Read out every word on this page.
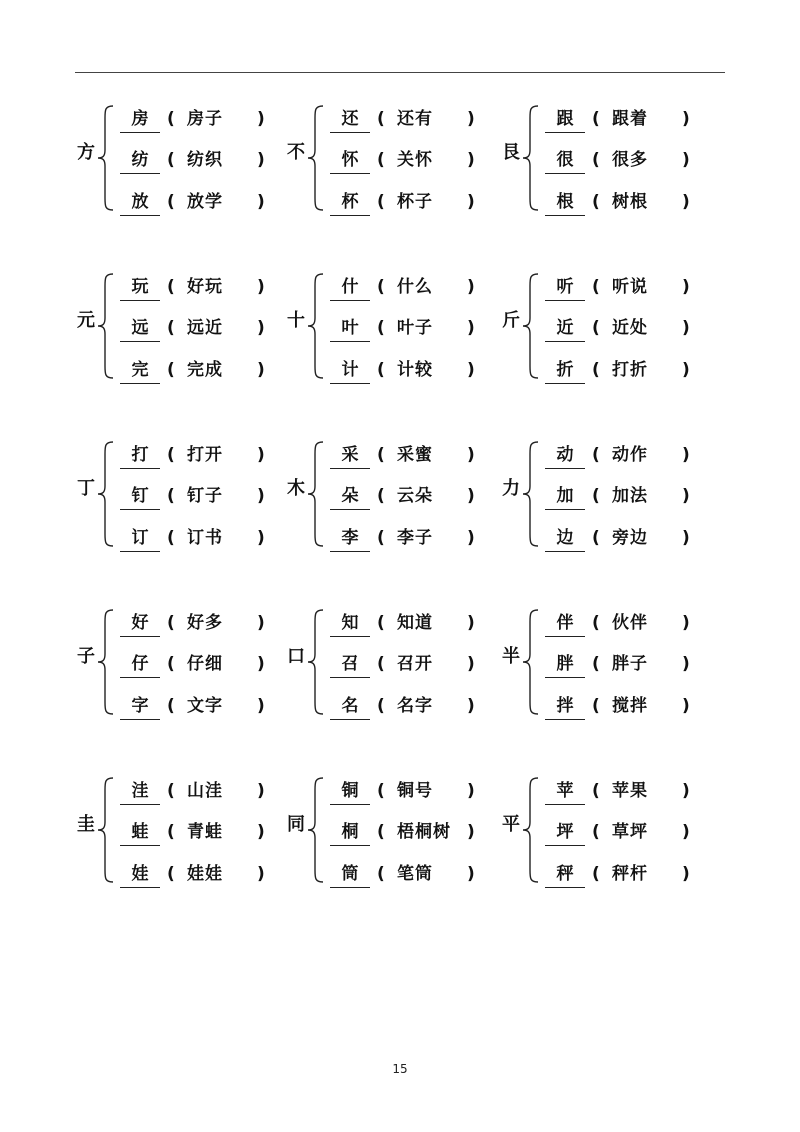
方
房	( 房子 )
纺	( 纺织 )
放	( 放学 )
不
还	( 还有 )
怀	( 关怀 )
杯	( 杯子 )
艮
跟	( 跟着 )
很	( 很多 )
根	( 树根 )
元
玩	( 好玩 )
远	( 远近 )
完	( 完成 )
十
什	( 什么 )
叶	( 叶子 )
计	( 计较 )
斤
听	( 听说 )
近	( 近处 )
折	( 打折 )
丁
打	( 打开 )
钉	( 钉子 )
订	( 订书 )
木
采	( 采蜜 )
朵	( 云朵 )
李	( 李子 )
力
动	( 动作 )
加	( 加法 )
边	( 旁边 )
子
好	( 好多 )
仔	( 仔细 )
字	( 文字 )
口
知	( 知道 )
召	( 召开 )
名	( 名字 )
半
伴	( 伙伴 )
胖	( 胖子 )
拌	( 搅拌 )
圭
洼	( 山洼 )
蛙	( 青蛙 )
娃	( 娃娃 )
同
铜	( 铜号 )
桐	( 梧桐树 )
筒	( 笔筒 )
平
苹	( 苹果 )
坪	( 草坪 )
秤	( 秤杆 )
15
